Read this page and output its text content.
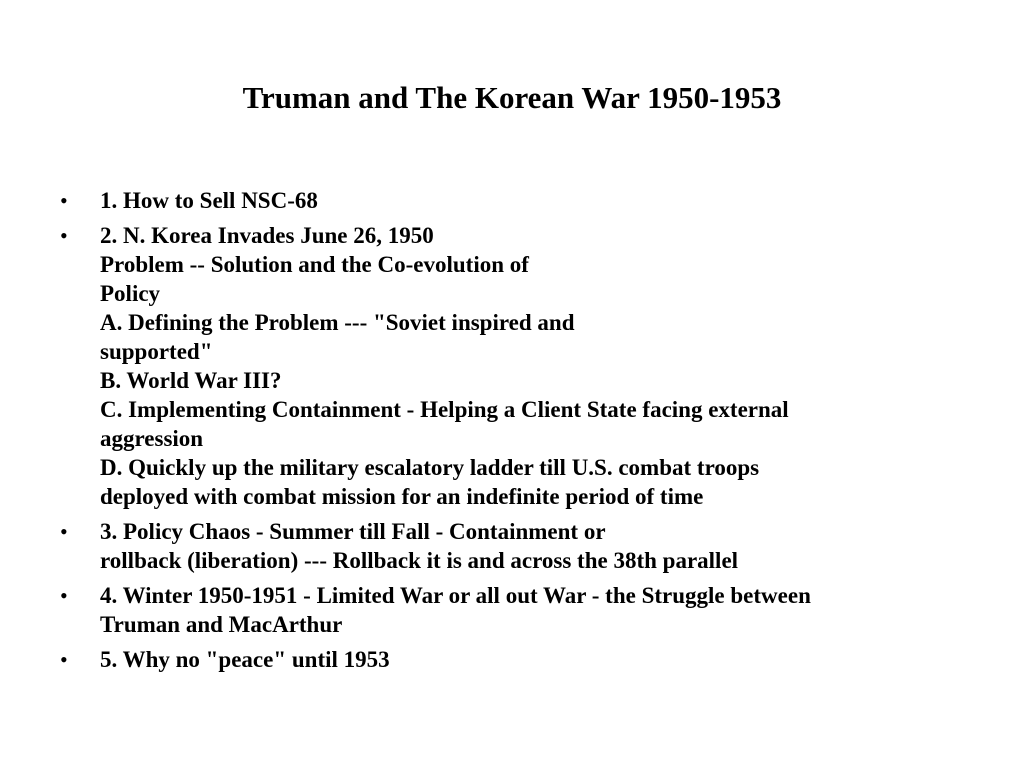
Truman and The Korean War 1950-1953
• 1. How to Sell NSC-68
• 2. N. Korea Invades June 26, 1950
Problem -- Solution and the Co-evolution of
Policy
A. Defining the Problem --- "Soviet inspired and
supported"
B. World War III?
C. Implementing Containment - Helping a Client State facing external
aggression
D. Quickly up the military escalatory ladder till U.S. combat troops
deployed with combat mission for an indefinite period of time
• 3. Policy Chaos - Summer till Fall - Containment or
rollback (liberation) --- Rollback it is and across the 38th parallel
• 4. Winter 1950-1951 - Limited War or all out War - the Struggle between
Truman and MacArthur
• 5. Why no "peace" until 1953
